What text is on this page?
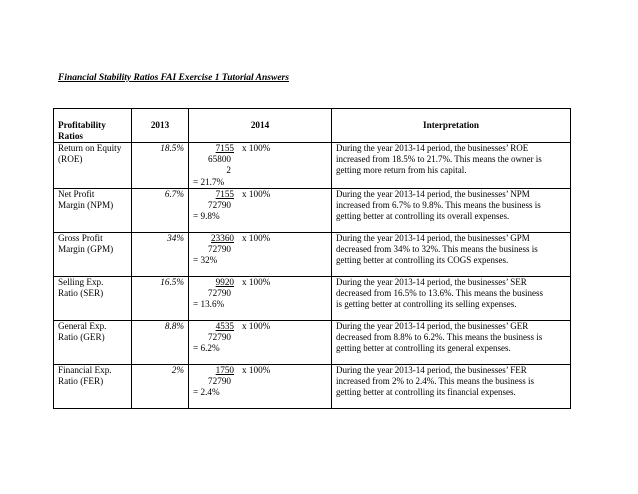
Financial Stability Ratios FAI Exercise 1 Tutorial Answers
Profitability
Ratios	2013	2014	Interpretation

Return on Equity
(ROE)	18.5%	7155 x 100%
65800
2
= 21.7%	During the year 2013-14 period, the businesses’ ROE
increased from 18.5% to 21.7%. This means the owner is
getting more return from his capital.

Net Profit
Margin (NPM)	6.7%	7155 x 100%
72790
= 9.8%	During the year 2013-14 period, the businesses’ NPM
increased from 6.7% to 9.8%. This means the business is
getting better at controlling its overall expenses.

Gross Profit
Margin (GPM)	34%	23360 x 100%
72790
= 32%	During the year 2013-14 period, the businesses’ GPM
decreased from 34% to 32%. This means the business is
getting better at controlling its COGS expenses.

Selling Exp.
Ratio (SER)	16.5%	9920 x 100%
72790
= 13.6%	During the year 2013-14 period, the businesses’ SER
decreased from 16.5% to 13.6%. This means the business
is getting better at controlling its selling expenses.

General Exp.
Ratio (GER)	8.8%	4535 x 100%
72790
= 6.2%	During the year 2013-14 period, the businesses’ GER
decreased from 8.8% to 6.2%. This means the business is
getting better at controlling its general expenses.

Financial Exp.
Ratio (FER)	2%	1750 x 100%
72790
= 2.4%	During the year 2013-14 period, the businesses’ FER
increased from 2% to 2.4%. This means the business is
getting better at controlling its financial expenses.
